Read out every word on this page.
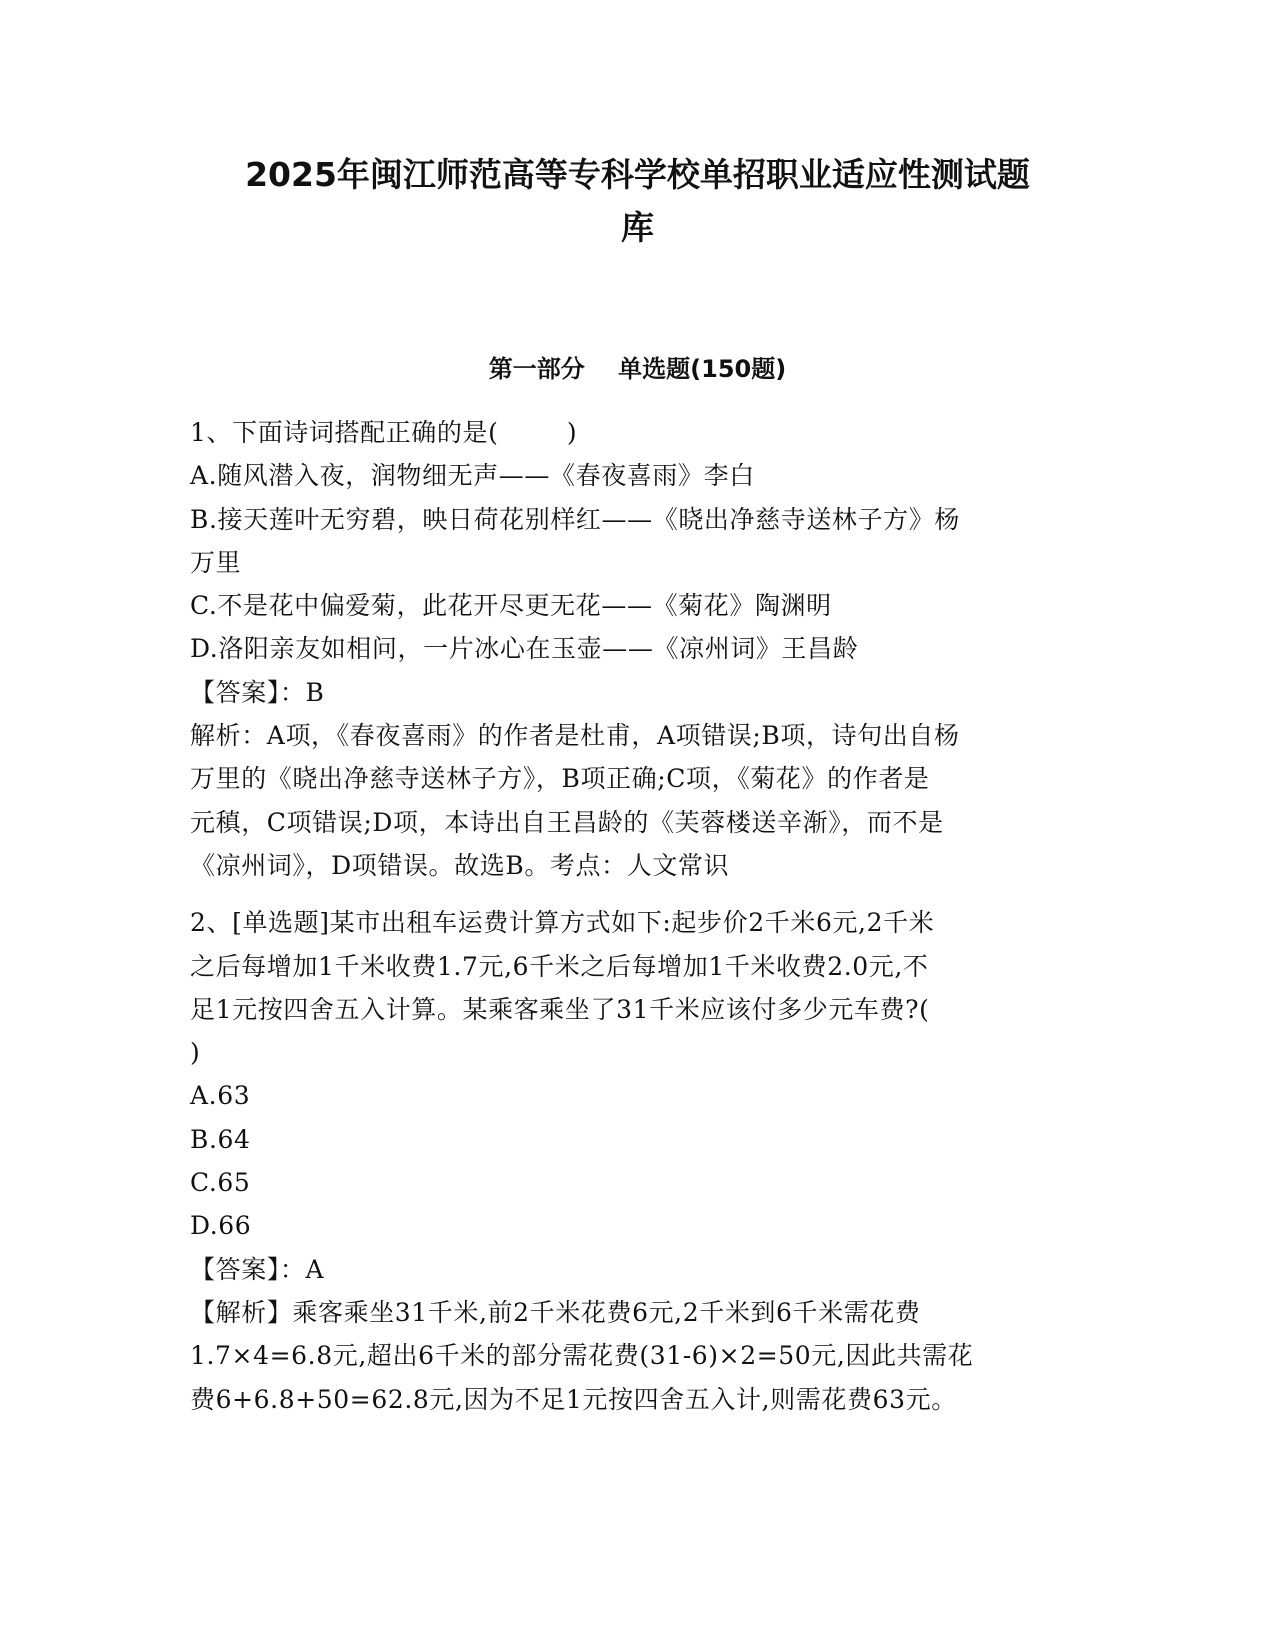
2025年闽江师范高等专科学校单招职业适应性测试题
库
第一部分    单选题(150题)

1、下面诗词搭配正确的是(        )

A.随风潜入夜，润物细无声——《春夜喜雨》李白

B.接天莲叶无穷碧，映日荷花别样红——《晓出净慈寺送林子方》杨

万里

C.不是花中偏爱菊，此花开尽更无花——《菊花》陶渊明

D.洛阳亲友如相问，一片冰心在玉壶——《凉州词》王昌龄

【答案】：B

解析：A项，《春夜喜雨》的作者是杜甫，A项错误;B项，诗句出自杨

万里的《晓出净慈寺送林子方》，B项正确;C项，《菊花》的作者是

元稹，C项错误;D项，本诗出自王昌龄的《芙蓉楼送辛渐》，而不是

《凉州词》，D项错误。故选B。考点：人文常识

2、[单选题]某市出租车运费计算方式如下:起步价2千米6元,2千米

之后每增加1千米收费1.7元,6千米之后每增加1千米收费2.0元,不

足1元按四舍五入计算。某乘客乘坐了31千米应该付多少元车费?(

)

A.63

B.64

C.65

D.66

【答案】：A

【解析】乘客乘坐31千米,前2千米花费6元,2千米到6千米需花费

1.7×4=6.8元,超出6千米的部分需花费(31-6)×2=50元,因此共需花

费6+6.8+50=62.8元,因为不足1元按四舍五入计,则需花费63元。
